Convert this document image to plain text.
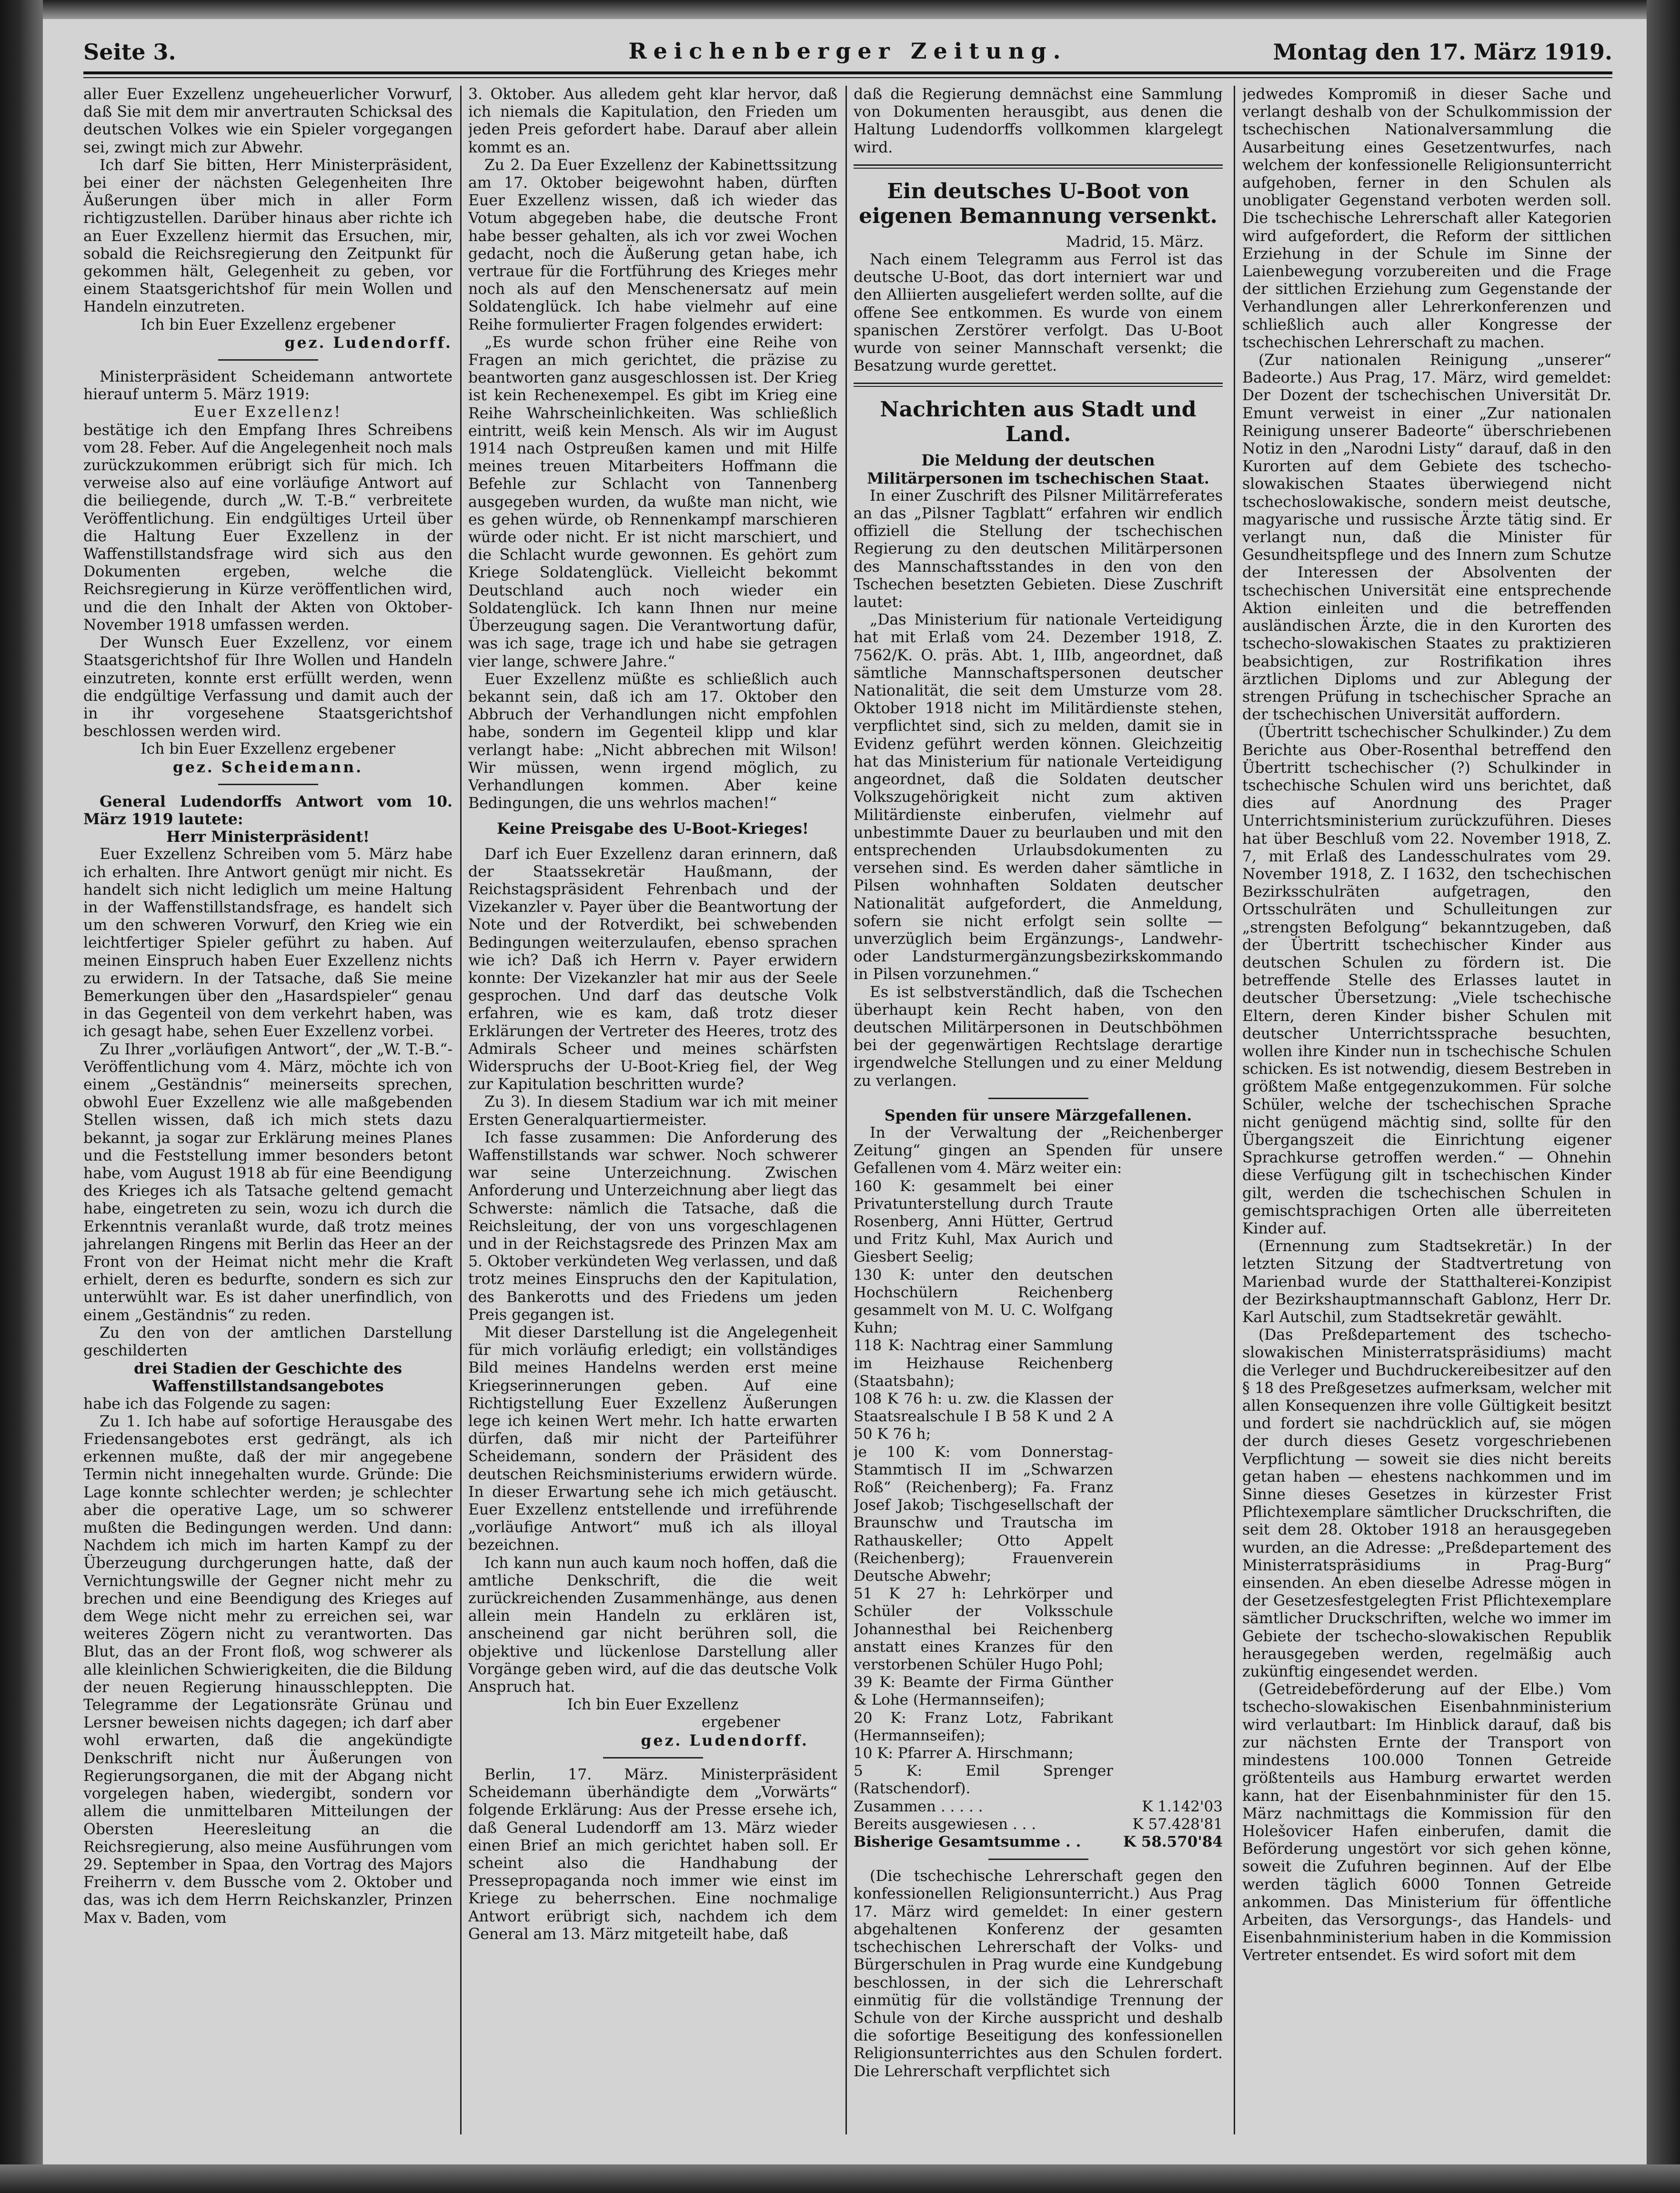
Seite 3.	Reichenberger Zeitung.	Montag den 17. März 1919.

aller Euer Exzellenz ungeheuerlicher Vorwurf, daß Sie mit dem mir anvertrauten Schicksal des deutschen Volkes wie ein Spieler vorgegangen sei, zwingt mich zur Abwehr.

Ich darf Sie bitten, Herr Ministerpräsident, bei einer der nächsten Gelegenheiten Ihre Äußerungen über mich in aller Form richtigzustellen. Darüber hinaus aber richte ich an Euer Exzellenz hiermit das Ersuchen, mir, sobald die Reichsregierung den Zeitpunkt für gekommen hält, Gelegenheit zu geben, vor einem Staatsgerichtshof für mein Wollen und Handeln einzutreten.

Ich bin Euer Exzellenz ergebener

gez. Ludendorff.

Ministerpräsident Scheidemann antwortete hierauf unterm 5. März 1919:

Euer Exzellenz!

bestätige ich den Empfang Ihres Schreibens vom 28. Feber. Auf die Angelegenheit noch mals zurückzukommen erübrigt sich für mich. Ich verweise also auf eine vorläufige Antwort auf die beiliegende, durch „W. T.-B.“ verbreitete Veröffentlichung. Ein endgültiges Urteil über die Haltung Euer Exzellenz in der Waffenstillstandsfrage wird sich aus den Dokumenten ergeben, welche die Reichsregierung in Kürze veröffentlichen wird, und die den Inhalt der Akten von Oktober-November 1918 umfassen werden.

Der Wunsch Euer Exzellenz, vor einem Staatsgerichtshof für Ihre Wollen und Handeln einzutreten, konnte erst erfüllt werden, wenn die endgültige Verfassung und damit auch der in ihr vorgesehene Staatsgerichtshof beschlossen werden wird.

Ich bin Euer Exzellenz ergebener

gez. Scheidemann.

General Ludendorffs Antwort vom 10. März 1919 lautete:

Herr Ministerpräsident!

Euer Exzellenz Schreiben vom 5. März habe ich erhalten. Ihre Antwort genügt mir nicht. Es handelt sich nicht lediglich um meine Haltung in der Waffenstillstandsfrage, es handelt sich um den schweren Vorwurf, den Krieg wie ein leichtfertiger Spieler geführt zu haben. Auf meinen Einspruch haben Euer Exzellenz nichts zu erwidern. In der Tatsache, daß Sie meine Bemerkungen über den „Hasardspieler“ genau in das Gegenteil von dem verkehrt haben, was ich gesagt habe, sehen Euer Exzellenz vorbei.

Zu Ihrer „vorläufigen Antwort“, der „W. T.-B.“-Veröffentlichung vom 4. März, möchte ich von einem „Geständnis“ meinerseits sprechen, obwohl Euer Exzellenz wie alle maßgebenden Stellen wissen, daß ich mich stets dazu bekannt, ja sogar zur Erklärung meines Planes und die Feststellung immer besonders betont habe, vom August 1918 ab für eine Beendigung des Krieges ich als Tatsache geltend gemacht habe, eingetreten zu sein, wozu ich durch die Erkenntnis veranlaßt wurde, daß trotz meines jahrelangen Ringens mit Berlin das Heer an der Front von der Heimat nicht mehr die Kraft erhielt, deren es bedurfte, sondern es sich zur unterwühlt war. Es ist daher unerfindlich, von einem „Geständnis“ zu reden.

Zu den von der amtlichen Darstellung geschilderten

drei Stadien der Geschichte des Waffenstillstandsangebotes

habe ich das Folgende zu sagen:

Zu 1. Ich habe auf sofortige Herausgabe des Friedensangebotes erst gedrängt, als ich erkennen mußte, daß der mir angegebene Termin nicht innegehalten wurde. Gründe: Die Lage konnte schlechter werden; je schlechter aber die operative Lage, um so schwerer mußten die Bedingungen werden. Und dann: Nachdem ich mich im harten Kampf zu der Überzeugung durchgerungen hatte, daß der Vernichtungswille der Gegner nicht mehr zu brechen und eine Beendigung des Krieges auf dem Wege nicht mehr zu erreichen sei, war weiteres Zögern nicht zu verantworten. Das Blut, das an der Front floß, wog schwerer als alle kleinlichen Schwierigkeiten, die die Bildung der neuen Regierung hinausschleppten. Die Telegramme der Legationsräte Grünau und Lersner beweisen nichts dagegen; ich darf aber wohl erwarten, daß die angekündigte Denkschrift nicht nur Äußerungen von Regierungsorganen, die mit der Abgang nicht vorgelegen haben, wiedergibt, sondern vor allem die unmittelbaren Mitteilungen der Obersten Heeresleitung an die Reichsregierung, also meine Ausführungen vom 29. September in Spaa, den Vortrag des Majors Freiherrn v. dem Bussche vom 2. Oktober und das, was ich dem Herrn Reichskanzler, Prinzen Max v. Baden, vom

3. Oktober. Aus alledem geht klar hervor, daß ich niemals die Kapitulation, den Frieden um jeden Preis gefordert habe. Darauf aber allein kommt es an.

Zu 2. Da Euer Exzellenz der Kabinettssitzung am 17. Oktober beigewohnt haben, dürften Euer Exzellenz wissen, daß ich wieder das Votum abgegeben habe, die deutsche Front habe besser gehalten, als ich vor zwei Wochen gedacht, noch die Äußerung getan habe, ich vertraue für die Fortführung des Krieges mehr noch als auf den Menschenersatz auf mein Soldatenglück. Ich habe vielmehr auf eine Reihe formulierter Fragen folgendes erwidert:

„Es wurde schon früher eine Reihe von Fragen an mich gerichtet, die präzise zu beantworten ganz ausgeschlossen ist. Der Krieg ist kein Rechenexempel. Es gibt im Krieg eine Reihe Wahrscheinlichkeiten. Was schließlich eintritt, weiß kein Mensch. Als wir im August 1914 nach Ostpreußen kamen und mit Hilfe meines treuen Mitarbeiters Hoffmann die Befehle zur Schlacht von Tannenberg ausgegeben wurden, da wußte man nicht, wie es gehen würde, ob Rennenkampf marschieren würde oder nicht. Er ist nicht marschiert, und die Schlacht wurde gewonnen. Es gehört zum Kriege Soldatenglück. Vielleicht bekommt Deutschland auch noch wieder ein Soldatenglück. Ich kann Ihnen nur meine Überzeugung sagen. Die Verantwortung dafür, was ich sage, trage ich und habe sie getragen vier lange, schwere Jahre.“

Euer Exzellenz müßte es schließlich auch bekannt sein, daß ich am 17. Oktober den Abbruch der Verhandlungen nicht empfohlen habe, sondern im Gegenteil klipp und klar verlangt habe: „Nicht abbrechen mit Wilson! Wir müssen, wenn irgend möglich, zu Verhandlungen kommen. Aber keine Bedingungen, die uns wehrlos machen!“

Keine Preisgabe des U-Boot-Krieges!

Darf ich Euer Exzellenz daran erinnern, daß der Staatssekretär Haußmann, der Reichstagspräsident Fehrenbach und der Vizekanzler v. Payer über die Beantwortung der Note und der Rotverdikt, bei schwebenden Bedingungen weiterzulaufen, ebenso sprachen wie ich? Daß ich Herrn v. Payer erwidern konnte: Der Vizekanzler hat mir aus der Seele gesprochen. Und darf das deutsche Volk erfahren, wie es kam, daß trotz dieser Erklärungen der Vertreter des Heeres, trotz des Admirals Scheer und meines schärfsten Widerspruchs der U-Boot-Krieg fiel, der Weg zur Kapitulation beschritten wurde?

Zu 3). In diesem Stadium war ich mit meiner Ersten Generalquartiermeister.

Ich fasse zusammen: Die Anforderung des Waffenstillstands war schwer. Noch schwerer war seine Unterzeichnung. Zwischen Anforderung und Unterzeichnung aber liegt das Schwerste: nämlich die Tatsache, daß die Reichsleitung, der von uns vorgeschlagenen und in der Reichstagsrede des Prinzen Max am 5. Oktober verkündeten Weg verlassen, und daß trotz meines Einspruchs den der Kapitulation, des Bankerotts und des Friedens um jeden Preis gegangen ist.

Mit dieser Darstellung ist die Angelegenheit für mich vorläufig erledigt; ein vollständiges Bild meines Handelns werden erst meine Kriegserinnerungen geben. Auf eine Richtigstellung Euer Exzellenz Äußerungen lege ich keinen Wert mehr. Ich hatte erwarten dürfen, daß mir nicht der Parteiführer Scheidemann, sondern der Präsident des deutschen Reichsministeriums erwidern würde. In dieser Erwartung sehe ich mich getäuscht. Euer Exzellenz entstellende und irreführende „vorläufige Antwort“ muß ich als illoyal bezeichnen.

Ich kann nun auch kaum noch hoffen, daß die amtliche Denkschrift, die die weit zurückreichenden Zusammenhänge, aus denen allein mein Handeln zu erklären ist, anscheinend gar nicht berühren soll, die objektive und lückenlose Darstellung aller Vorgänge geben wird, auf die das deutsche Volk Anspruch hat.

Ich bin Euer Exzellenz

ergebener

gez. Ludendorff.

Berlin, 17. März. Ministerpräsident Scheidemann überhändigte dem „Vorwärts“ folgende Erklärung: Aus der Presse ersehe ich, daß General Ludendorff am 13. März wieder einen Brief an mich gerichtet haben soll. Er scheint also die Handhabung der Pressepropaganda noch immer wie einst im Kriege zu beherrschen. Eine nochmalige Antwort erübrigt sich, nachdem ich dem General am 13. März mitgeteilt habe, daß

daß die Regierung demnächst eine Sammlung von Dokumenten herausgibt, aus denen die Haltung Ludendorffs vollkommen klargelegt wird.

Ein deutsches U-Boot von eigenen Bemannung versenkt.

Madrid, 15. März.

Nach einem Telegramm aus Ferrol ist das deutsche U-Boot, das dort interniert war und den Alliierten ausgeliefert werden sollte, auf die offene See entkommen. Es wurde von einem spanischen Zerstörer verfolgt. Das U-Boot wurde von seiner Mannschaft versenkt; die Besatzung wurde gerettet.

Nachrichten aus Stadt und Land.

Die Meldung der deutschen Militärpersonen im tschechischen Staat.

In einer Zuschrift des Pilsner Militärreferates an das „Pilsner Tagblatt“ erfahren wir endlich offiziell die Stellung der tschechischen Regierung zu den deutschen Militärpersonen des Mannschaftsstandes in den von den Tschechen besetzten Gebieten. Diese Zuschrift lautet:

„Das Ministerium für nationale Verteidigung hat mit Erlaß vom 24. Dezember 1918, Z. 7562/K. O. präs. Abt. 1, IIIb, angeordnet, daß sämtliche Mannschaftspersonen deutscher Nationalität, die seit dem Umsturze vom 28. Oktober 1918 nicht im Militärdienste stehen, verpflichtet sind, sich zu melden, damit sie in Evidenz geführt werden können. Gleichzeitig hat das Ministerium für nationale Verteidigung angeordnet, daß die Soldaten deutscher Volkszugehörigkeit nicht zum aktiven Militärdienste einberufen, vielmehr auf unbestimmte Dauer zu beurlauben und mit den entsprechenden Urlaubsdokumenten zu versehen sind. Es werden daher sämtliche in Pilsen wohnhaften Soldaten deutscher Nationalität aufgefordert, die Anmeldung, sofern sie nicht erfolgt sein sollte — unverzüglich beim Ergänzungs-, Landwehr- oder Landsturmergänzungsbezirkskommando in Pilsen vorzunehmen.“

Es ist selbstverständlich, daß die Tschechen überhaupt kein Recht haben, von den deutschen Militärpersonen in Deutschböhmen bei der gegenwärtigen Rechtslage derartige irgendwelche Stellungen und zu einer Meldung zu verlangen.

Spenden für unsere Märzgefallenen.

In der Verwaltung der „Reichenberger Zeitung“ gingen an Spenden für unsere Gefallenen vom 4. März weiter ein:

160 K: gesammelt bei einer Privatunterstellung durch Traute Rosenberg, Anni Hütter, Gertrud und Fritz Kuhl, Max Aurich und Giesbert Seelig;
130 K: unter den deutschen Hochschülern Reichenberg gesammelt von M. U. C. Wolfgang Kuhn;
118 K: Nachtrag einer Sammlung im Heizhause Reichenberg (Staatsbahn);
108 K 76 h: u. zw. die Klassen der Staatsrealschule I B 58 K und 2 A 50 K 76 h;
je 100 K: vom Donnerstag-Stammtisch II im „Schwarzen Roß“ (Reichenberg); Fa. Franz Josef Jakob; Tischgesellschaft der Braunschw und Trautscha im Rathauskeller; Otto Appelt (Reichenberg); Frauenverein Deutsche Abwehr;
51 K 27 h: Lehrkörper und Schüler der Volksschule Johannesthal bei Reichenberg anstatt eines Kranzes für den verstorbenen Schüler Hugo Pohl;
39 K: Beamte der Firma Günther & Lohe (Hermannseifen);
20 K: Franz Lotz, Fabrikant (Hermannseifen);
10 K: Pfarrer A. Hirschmann;
5 K: Emil Sprenger (Ratschendorf).
Zusammen . . . . .	K 1.142'03
Bereits ausgewiesen . . .	K 57.428'81
Bisherige Gesamtsumme . .	K 58.570'84

(Die tschechische Lehrerschaft gegen den konfessionellen Religionsunterricht.) Aus Prag 17. März wird gemeldet: In einer gestern abgehaltenen Konferenz der gesamten tschechischen Lehrerschaft der Volks- und Bürgerschulen in Prag wurde eine Kundgebung beschlossen, in der sich die Lehrerschaft einmütig für die vollständige Trennung der Schule von der Kirche ausspricht und deshalb die sofortige Beseitigung des konfessionellen Religionsunterrichtes aus den Schulen fordert. Die Lehrerschaft verpflichtet sich

jedwedes Kompromiß in dieser Sache und verlangt deshalb von der Schulkommission der tschechischen Nationalversammlung die Ausarbeitung eines Gesetzentwurfes, nach welchem der konfessionelle Religionsunterricht aufgehoben, ferner in den Schulen als unobligater Gegenstand verboten werden soll. Die tschechische Lehrerschaft aller Kategorien wird aufgefordert, die Reform der sittlichen Erziehung in der Schule im Sinne der Laienbewegung vorzubereiten und die Frage der sittlichen Erziehung zum Gegenstande der Verhandlungen aller Lehrerkonferenzen und schließlich auch aller Kongresse der tschechischen Lehrerschaft zu machen.

(Zur nationalen Reinigung „unserer“ Badeorte.) Aus Prag, 17. März, wird gemeldet: Der Dozent der tschechischen Universität Dr. Emunt verweist in einer „Zur nationalen Reinigung unserer Badeorte“ überschriebenen Notiz in den „Narodni Listy“ darauf, daß in den Kurorten auf dem Gebiete des tschecho-slowakischen Staates überwiegend nicht tschechoslowakische, sondern meist deutsche, magyarische und russische Ärzte tätig sind. Er verlangt nun, daß die Minister für Gesundheitspflege und des Innern zum Schutze der Interessen der Absolventen der tschechischen Universität eine entsprechende Aktion einleiten und die betreffenden ausländischen Ärzte, die in den Kurorten des tschecho-slowakischen Staates zu praktizieren beabsichtigen, zur Rostrifikation ihres ärztlichen Diploms und zur Ablegung der strengen Prüfung in tschechischer Sprache an der tschechischen Universität auffordern.

(Übertritt tschechischer Schulkinder.) Zu dem Berichte aus Ober-Rosenthal betreffend den Übertritt tschechischer (?) Schulkinder in tschechische Schulen wird uns berichtet, daß dies auf Anordnung des Prager Unterrichtsministerium zurückzuführen. Dieses hat über Beschluß vom 22. November 1918, Z. 7, mit Erlaß des Landesschulrates vom 29. November 1918, Z. I 1632, den tschechischen Bezirksschulräten aufgetragen, den Ortsschulräten und Schulleitungen zur „strengsten Befolgung“ bekanntzugeben, daß der Übertritt tschechischer Kinder aus deutschen Schulen zu fördern ist. Die betreffende Stelle des Erlasses lautet in deutscher Übersetzung: „Viele tschechische Eltern, deren Kinder bisher Schulen mit deutscher Unterrichtssprache besuchten, wollen ihre Kinder nun in tschechische Schulen schicken. Es ist notwendig, diesem Bestreben in größtem Maße entgegenzukommen. Für solche Schüler, welche der tschechischen Sprache nicht genügend mächtig sind, sollte für den Übergangszeit die Einrichtung eigener Sprachkurse getroffen werden.“ — Ohnehin diese Verfügung gilt in tschechischen Kinder gilt, werden die tschechischen Schulen in gemischtsprachigen Orten alle überreiteten Kinder auf.

(Ernennung zum Stadtsekretär.) In der letzten Sitzung der Stadtvertretung von Marienbad wurde der Statthalterei-Konzipist der Bezirkshauptmannschaft Gablonz, Herr Dr. Karl Autschil, zum Stadtsekretär gewählt.

(Das Preßdepartement des tschecho-slowakischen Ministerratspräsidiums) macht die Verleger und Buchdruckereibesitzer auf den § 18 des Preßgesetzes aufmerksam, welcher mit allen Konsequenzen ihre volle Gültigkeit besitzt und fordert sie nachdrücklich auf, sie mögen der durch dieses Gesetz vorgeschriebenen Verpflichtung — soweit sie dies nicht bereits getan haben — ehestens nachkommen und im Sinne dieses Gesetzes in kürzester Frist Pflichtexemplare sämtlicher Druckschriften, die seit dem 28. Oktober 1918 an herausgegeben wurden, an die Adresse: „Preßdepartement des Ministerratspräsidiums in Prag-Burg“ einsenden. An eben dieselbe Adresse mögen in der Gesetzesfestgelegten Frist Pflichtexemplare sämtlicher Druckschriften, welche wo immer im Gebiete der tschecho-slowakischen Republik herausgegeben werden, regelmäßig auch zukünftig eingesendet werden.

(Getreidebeförderung auf der Elbe.) Vom tschecho-slowakischen Eisenbahnministerium wird verlautbart: Im Hinblick darauf, daß bis zur nächsten Ernte der Transport von mindestens 100.000 Tonnen Getreide größtenteils aus Hamburg erwartet werden kann, hat der Eisenbahnminister für den 15. März nachmittags die Kommission für den Holešovicer Hafen einberufen, damit die Beförderung ungestört vor sich gehen könne, soweit die Zufuhren beginnen. Auf der Elbe werden täglich 6000 Tonnen Getreide ankommen. Das Ministerium für öffentliche Arbeiten, das Versorgungs-, das Handels- und Eisenbahnministerium haben in die Kommission Vertreter entsendet. Es wird sofort mit dem
